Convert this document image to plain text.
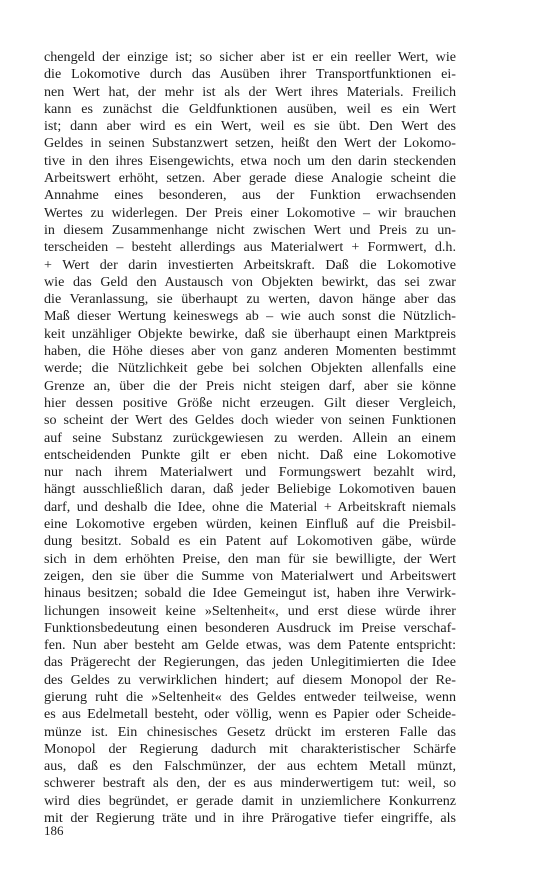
chengeld der einzige ist; so sicher aber ist er ein reeller Wert, wie
die Lokomotive durch das Ausüben ihrer Transportfunktionen ei-
nen Wert hat, der mehr ist als der Wert ihres Materials. Freilich
kann es zunächst die Geldfunktionen ausüben, weil es ein Wert
ist; dann aber wird es ein Wert, weil es sie übt. Den Wert des
Geldes in seinen Substanzwert setzen, heißt den Wert der Lokomo-
tive in den ihres Eisengewichts, etwa noch um den darin steckenden
Arbeitswert erhöht, setzen. Aber gerade diese Analogie scheint die
Annahme eines besonderen, aus der Funktion erwachsenden
Wertes zu widerlegen. Der Preis einer Lokomotive – wir brauchen
in diesem Zusammenhange nicht zwischen Wert und Preis zu un-
terscheiden – besteht allerdings aus Materialwert + Formwert, d.h.
+ Wert der darin investierten Arbeitskraft. Daß die Lokomotive
wie das Geld den Austausch von Objekten bewirkt, das sei zwar
die Veranlassung, sie überhaupt zu werten, davon hänge aber das
Maß dieser Wertung keineswegs ab – wie auch sonst die Nützlich-
keit unzähliger Objekte bewirke, daß sie überhaupt einen Marktpreis
haben, die Höhe dieses aber von ganz anderen Momenten bestimmt
werde; die Nützlichkeit gebe bei solchen Objekten allenfalls eine
Grenze an, über die der Preis nicht steigen darf, aber sie könne
hier dessen positive Größe nicht erzeugen. Gilt dieser Vergleich,
so scheint der Wert des Geldes doch wieder von seinen Funktionen
auf seine Substanz zurückgewiesen zu werden. Allein an einem
entscheidenden Punkte gilt er eben nicht. Daß eine Lokomotive
nur nach ihrem Materialwert und Formungswert bezahlt wird,
hängt ausschließlich daran, daß jeder Beliebige Lokomotiven bauen
darf, und deshalb die Idee, ohne die Material + Arbeitskraft niemals
eine Lokomotive ergeben würden, keinen Einfluß auf die Preisbil-
dung besitzt. Sobald es ein Patent auf Lokomotiven gäbe, würde
sich in dem erhöhten Preise, den man für sie bewilligte, der Wert
zeigen, den sie über die Summe von Materialwert und Arbeitswert
hinaus besitzen; sobald die Idee Gemeingut ist, haben ihre Verwirk-
lichungen insoweit keine »Seltenheit«, und erst diese würde ihrer
Funktionsbedeutung einen besonderen Ausdruck im Preise verschaf-
fen. Nun aber besteht am Gelde etwas, was dem Patente entspricht:
das Prägerecht der Regierungen, das jeden Unlegitimierten die Idee
des Geldes zu verwirklichen hindert; auf diesem Monopol der Re-
gierung ruht die »Seltenheit« des Geldes entweder teilweise, wenn
es aus Edelmetall besteht, oder völlig, wenn es Papier oder Scheide-
münze ist. Ein chinesisches Gesetz drückt im ersteren Falle das
Monopol der Regierung dadurch mit charakteristischer Schärfe
aus, daß es den Falschmünzer, der aus echtem Metall münzt,
schwerer bestraft als den, der es aus minderwertigem tut: weil, so
wird dies begründet, er gerade damit in unziemlichere Konkurrenz
mit der Regierung träte und in ihre Prärogative tiefer eingriffe, als
186
